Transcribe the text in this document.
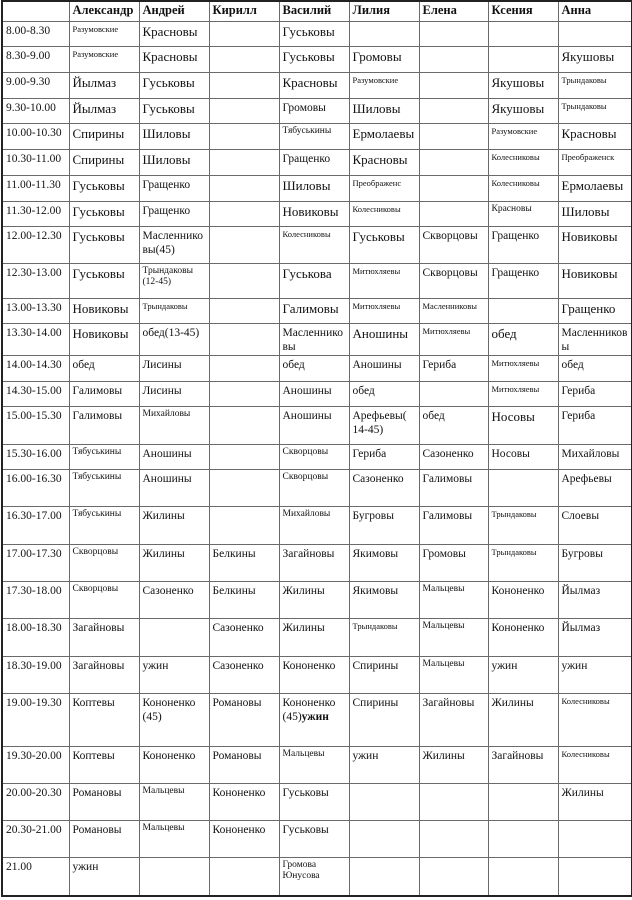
	Александр	Андрей	Кирилл	Василий	Лилия	Елена	Ксения	Анна
8.00-8.30	Разумовские	Красновы		Гуськовы				
8.30-9.00	Разумовские	Красновы		Гуськовы	Громовы			Якушовы
9.00-9.30	Йылмаз	Гуськовы		Красновы	Разумовские		Якушовы	Трындаковы
9.30-10.00	Йылмаз	Гуськовы		Громовы	Шиловы		Якушовы	Трындаковы
10.00-10.30	Спирины	Шиловы		Тябуськины	Ермолаевы		Разумовские	Красновы
10.30-11.00	Спирины	Шиловы		Гращенко	Красновы		Колесниковы	Преображенск
11.00-11.30	Гуськовы	Гращенко		Шиловы	Преображенс		Колесниковы	Ермолаевы
11.30-12.00	Гуськовы	Гращенко		Новиковы	Колесниковы		Красновы	Шиловы
12.00-12.30	Гуськовы	Масленниковы(45)		Колесниковы	Гуськовы	Скворцовы	Гращенко	Новиковы
12.30-13.00	Гуськовы	Трындаковы (12-45)		Гуськова	Митюхляевы	Скворцовы	Гращенко	Новиковы
13.00-13.30	Новиковы	Трындаковы		Галимовы	Митюхляевы	Масленниковы		Гращенко
13.30-14.00	Новиковы	обед(13-45)		Масленниковы	Аношины	Митюхляевы	обед	Масленниковы
14.00-14.30	обед	Лисины		обед	Аношины	Гериба	Митюхляевы	обед
14.30-15.00	Галимовы	Лисины		Аношины	обед		Митюхляевы	Гериба
15.00-15.30	Галимовы	Михайловы		Аношины	Арефьевы( 14-45)	обед	Носовы	Гериба
15.30-16.00	Тябуськины	Аношины		Скворцовы	Гериба	Сазоненко	Носовы	Михайловы
16.00-16.30	Тябуськины	Аношины		Скворцовы	Сазоненко	Галимовы		Арефьевы
16.30-17.00	Тябуськины	Жилины		Михайловы	Бугровы	Галимовы	Трындаковы	Слоевы
17.00-17.30	Скворцовы	Жилины	Белкины	Загайновы	Якимовы	Громовы	Трындаковы	Бугровы
17.30-18.00	Скворцовы	Сазоненко	Белкины	Жилины	Якимовы	Мальцевы	Кононенко	Йылмаз
18.00-18.30	Загайновы		Сазоненко	Жилины	Трындаковы	Мальцевы	Кононенко	Йылмаз
18.30-19.00	Загайновы	ужин	Сазоненко	Кононенко	Спирины	Мальцевы	ужин	ужин
19.00-19.30	Коптевы	Кононенко (45)	Романовы	Кононенко (45)ужин	Спирины	Загайновы	Жилины	Колесниковы
19.30-20.00	Коптевы	Кононенко	Романовы	Мальцевы	ужин	Жилины	Загайновы	Колесниковы
20.00-20.30	Романовы	Мальцевы	Кононенко	Гуськовы				Жилины
20.30-21.00	Романовы	Мальцевы	Кононенко	Гуськовы				
21.00	ужин			Громова Юнусова				
